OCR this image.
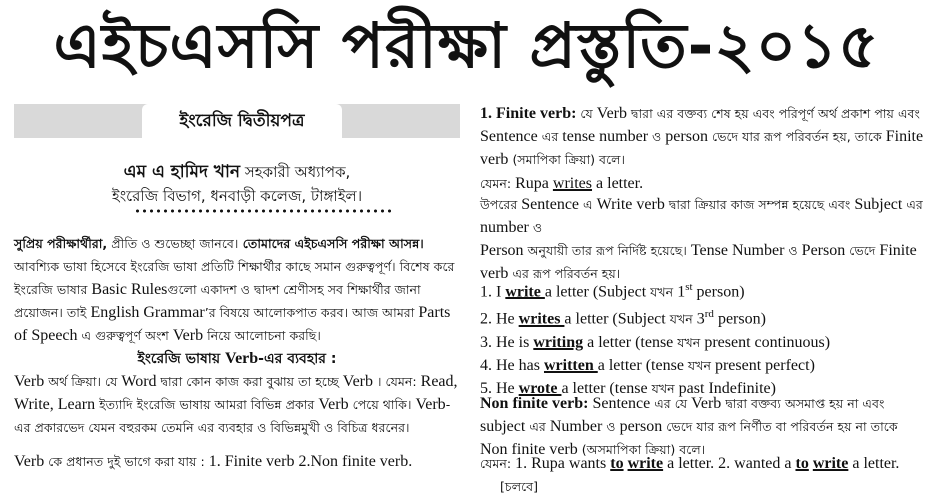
এইচএসসি পরীক্ষা প্রস্তুতি-২০১৫
ইংরেজি দ্বিতীয়পত্র
এম এ হামিদ খান সহকারী অধ্যাপক,
ইংরেজি বিভাগ, ধনবাড়ী কলেজ, টাঙ্গাইল।
সুপ্রিয় পরীক্ষার্থীরা, প্রীতি ও শুভেচ্ছা জানবে। তোমাদের এইচএসসি পরীক্ষা আসন্ন। আবশ্যিক ভাষা হিসেবে ইংরেজি ভাষা প্রতিটি শিক্ষার্থীর কাছে সমান গুরুত্বপূর্ণ। বিশেষ করে ইংরেজি ভাষার Basic Rulesগুলো একাদশ ও দ্বাদশ শ্রেণীসহ সব শিক্ষার্থীর জানা প্রয়োজন। তাই English Grammar’র বিষয়ে আলোকপাত করব। আজ আমরা Parts of Speech এ গুরুত্বপূর্ণ অংশ Verb নিয়ে আলোচনা করছি।
ইংরেজি ভাষায় Verb-এর ব্যবহার :
Verb অর্থ ক্রিয়া। যে Word দ্বারা কোন কাজ করা বুঝায় তা হচ্ছে Verb । যেমন: Read, Write, Learn ইত্যাদি ইংরেজি ভাষায় আমরা বিভিন্ন প্রকার Verb পেয়ে থাকি। Verb-এর প্রকারভেদ যেমন বহুরকম তেমনি এর ব্যবহার ও বিভিন্নমুখী ও বিচিত্র ধরনের।
Verb কে প্রধানত দুই ভাগে করা যায় : 1. Finite verb 2.Non finite verb.
1. Finite verb: যে Verb দ্বারা এর বক্তব্য শেষ হয় এবং পরিপূর্ণ অর্থ প্রকাশ পায় এবং Sentence এর tense number ও person ভেদে যার রূপ পরিবর্তন হয়, তাকে Finite verb (সমাপিকা ক্রিয়া) বলে।
যেমন: Rupa writes a letter.
উপরের Sentence এ Write verb দ্বারা ক্রিয়ার কাজ সম্পন্ন হয়েছে এবং Subject এর number ও
Person অনুযায়ী তার রূপ নির্দিষ্ট হয়েছে। Tense Number ও Person ভেদে Finite verb এর রূপ পরিবর্তন হয়।
1. I write a letter (Subject যখন 1st person)
2. He writes a letter (Subject যখন 3rd person)
3. He is writing a letter (tense যখন present continuous)
4. He has written a letter (tense যখন present perfect)
5. He wrote a letter (tense যখন past Indefinite)
Non finite verb: Sentence এর যে Verb দ্বারা বক্তব্য অসমাপ্ত হয় না এবং subject এর Number ও person ভেদে যার রূপ নির্ণীত বা পরিবর্তন হয় না তাকে Non finite verb (অসমাপিকা ক্রিয়া) বলে।
যেমন: 1. Rupa wants to write a letter. 2. wanted a to write a letter. [চলবে]
